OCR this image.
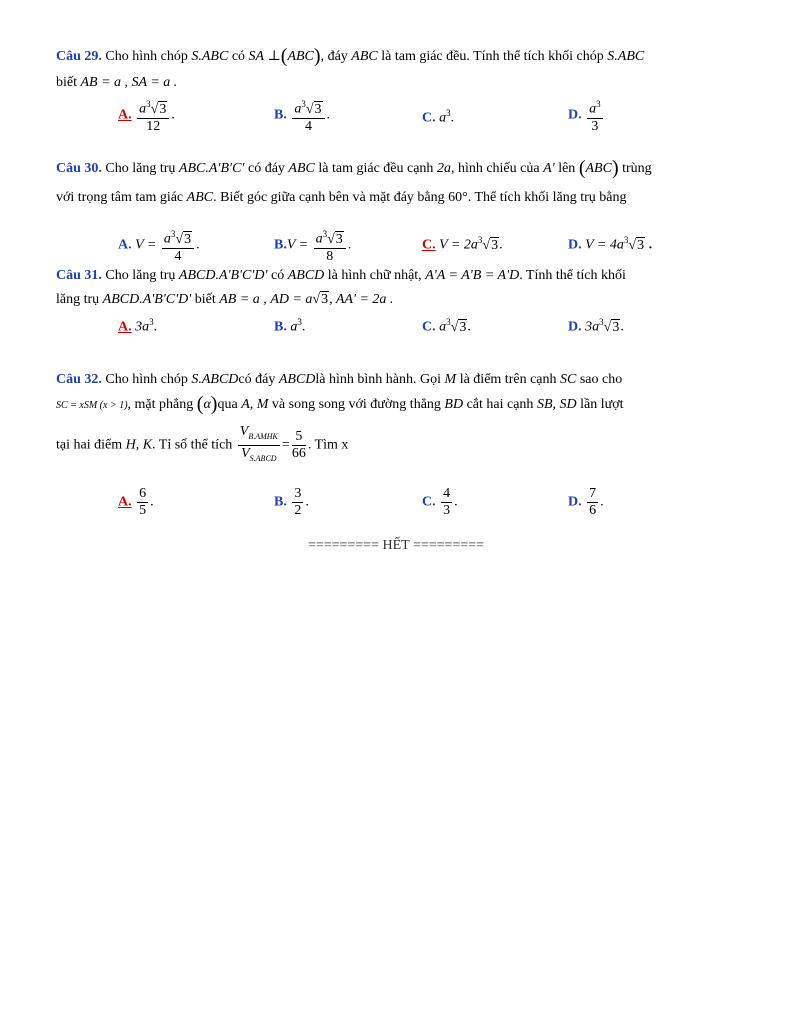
Câu 29. Cho hình chóp S.ABC có SA ⊥(ABC), đáy ABC là tam giác đều. Tính thể tích khối chóp S.ABC
biết AB = a , SA = a .
A. $\frac{a^3√3}{12}$ .	B. $\frac{a^3√3}{4}$ .	C. $a^3$.	D. $\frac{a^3}{3}$
Câu 30. Cho lăng trụ ABC.A′B′C′ có đáy ABC là tam giác đều cạnh 2a, hình chiếu của A′ lên (ABC) trùng
với trọng tâm tam giác ABC. Biết góc giữa cạnh bên và mặt đáy bằng 60°. Thể tích khối lăng trụ bằng
A. $V = \frac{a^3√3}{4}$ .	$B.V = \frac{a^3√3}{8}$ .	C. $V = 2a^3√3$.	D. $V = 4a^3√3$ .
Câu 31. Cho lăng trụ ABCD.A'B'C'D' có ABCD là hình chữ nhật, A'A = A'B = A'D. Tính thể tích khối
lăng trụ ABCD.A'B'C'D' biết AB = a , AD = a√3, AA' = 2a .
A. $3a^3$.	B. $a^3$.	C. $a^3√3$.	D. $3a^3√3$.
Câu 32. Cho hình chóp S.ABCDcó đáy ABCDlà hình bình hành. Gọi M là điểm trên cạnh SC sao cho
SC = xSM (x > 1), mặt phẳng (α)qua A, M và song song với đường thẳng BD cắt hai cạnh SB, SD lần lượt
tại hai điểm H, K. Tỉ số thể tích $\frac{V_{B.AMHK}}{V_{S.ABCD}} = \frac{5}{66}$ . Tìm x
A. $\frac{6}{5}$ .	B. $\frac{3}{2}$ .	C. $\frac{4}{3}$ .	D. $\frac{7}{6}$ .
========= HẾT =========
